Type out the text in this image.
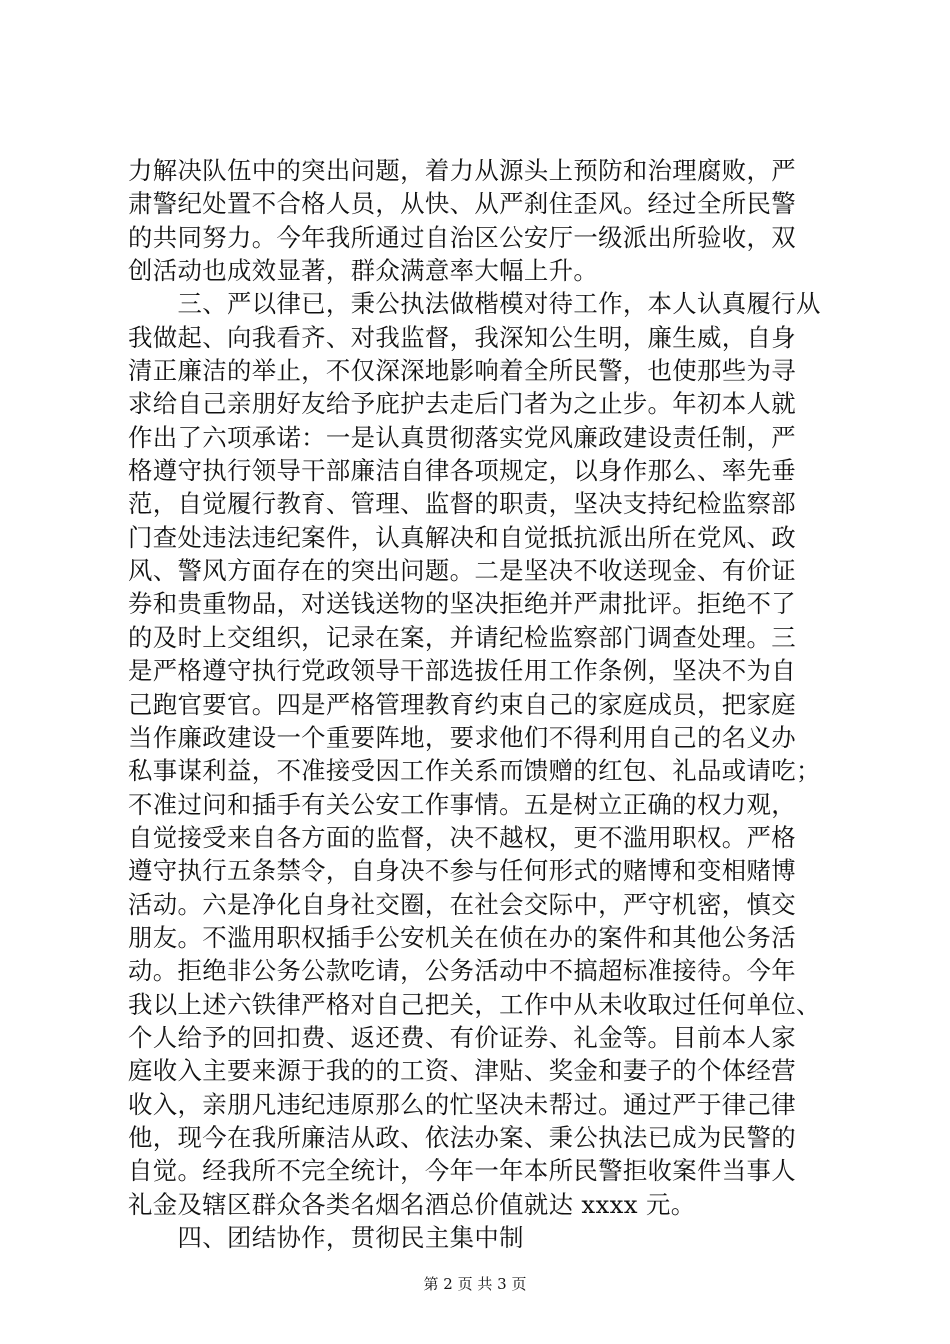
力解决队伍中的突出问题，着力从源头上预防和治理腐败，严
肃警纪处置不合格人员，从快、从严刹住歪风。经过全所民警
的共同努力。今年我所通过自治区公安厅一级派出所验收，双
创活动也成效显著，群众满意率大幅上升。
　　三、严以律已，秉公执法做楷模对待工作，本人认真履行从
我做起、向我看齐、对我监督，我深知公生明，廉生威，自身
清正廉洁的举止，不仅深深地影响着全所民警，也使那些为寻
求给自己亲朋好友给予庇护去走后门者为之止步。年初本人就
作出了六项承诺：一是认真贯彻落实党风廉政建设责任制，严
格遵守执行领导干部廉洁自律各项规定，以身作那么、率先垂
范，自觉履行教育、管理、监督的职责，坚决支持纪检监察部
门查处违法违纪案件，认真解决和自觉抵抗派出所在党风、政
风、警风方面存在的突出问题。二是坚决不收送现金、有价证
券和贵重物品，对送钱送物的坚决拒绝并严肃批评。拒绝不了
的及时上交组织，记录在案，并请纪检监察部门调查处理。三
是严格遵守执行党政领导干部选拔任用工作条例，坚决不为自
己跑官要官。四是严格管理教育约束自己的家庭成员，把家庭
当作廉政建设一个重要阵地，要求他们不得利用自己的名义办
私事谋利益，不准接受因工作关系而馈赠的红包、礼品或请吃；
不准过问和插手有关公安工作事情。五是树立正确的权力观，
自觉接受来自各方面的监督，决不越权，更不滥用职权。严格
遵守执行五条禁令，自身决不参与任何形式的赌博和变相赌博
活动。六是净化自身社交圈，在社会交际中，严守机密，慎交
朋友。不滥用职权插手公安机关在侦在办的案件和其他公务活
动。拒绝非公务公款吃请，公务活动中不搞超标准接待。今年
我以上述六铁律严格对自己把关，工作中从未收取过任何单位、
个人给予的回扣费、返还费、有价证券、礼金等。目前本人家
庭收入主要来源于我的的工资、津贴、奖金和妻子的个体经营
收入，亲朋凡违纪违原那么的忙坚决未帮过。通过严于律己律
他，现今在我所廉洁从政、依法办案、秉公执法已成为民警的
自觉。经我所不完全统计，今年一年本所民警拒收案件当事人
礼金及辖区群众各类名烟名酒总价值就达 xxxx 元。
　　四、团结协作，贯彻民主集中制
第 2 页 共 3 页
